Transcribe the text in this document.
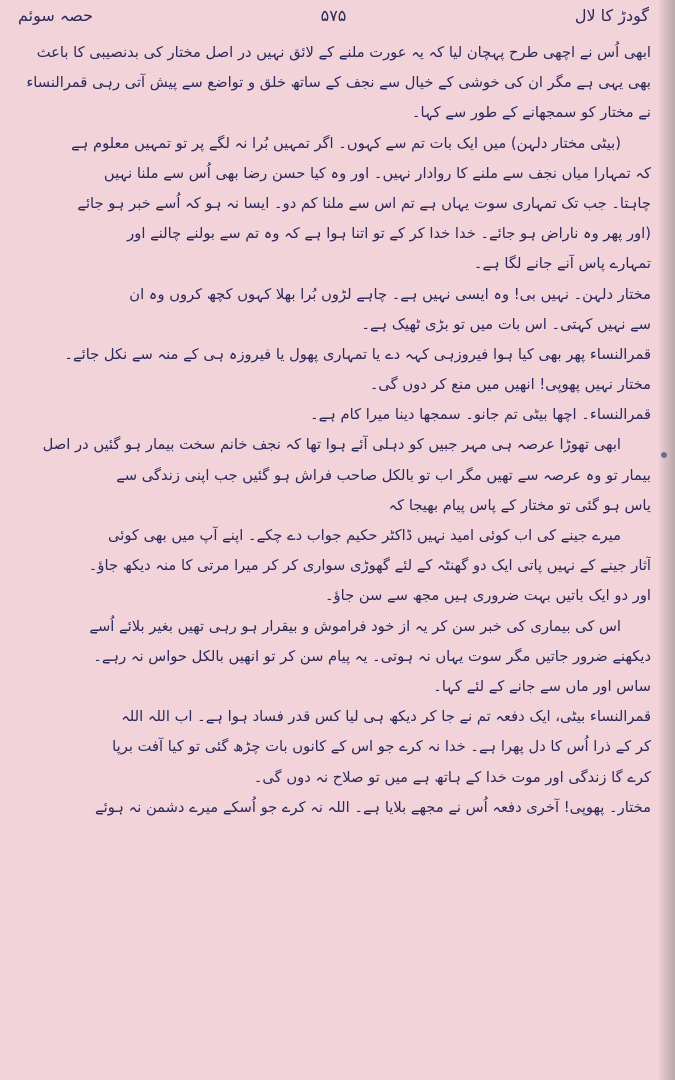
گودڑ کا لال
۵۷۵
حصہ سوئم
ابھی اُس نے اچھی طرح پہچان لیا کہ یہ عورت ملنے کے لائق نہیں در اصل مختار کی بدنصیبی کا باعث
بھی یہی ہے مگر ان کی خوشی کے خیال سے نجف کے ساتھ خلق و تواضع سے پیش آتی رہی قمرالنساء
نے مختار کو سمجھانے کے طور سے کہا۔
(بیٹی مختار دلہن) میں ایک بات تم سے کہوں۔ اگر تمہیں بُرا نہ لگے پر تو تمہیں معلوم ہے
کہ تمہارا میاں نجف سے ملنے کا روادار نہیں۔ اور وہ کیا حسن رضا بھی اُس سے ملنا نہیں
چاہتا۔ جب تک تمہاری سوت یہاں ہے تم اس سے ملنا کم دو۔ ایسا نہ ہو کہ اُسے خبر ہو جائے
(اور پھر وہ ناراض ہو جائے۔ خدا خدا کر کے تو اتنا ہوا ہے کہ وہ تم سے بولنے چالنے اور
تمہارے پاس آنے جانے لگا ہے۔
مختار دلہن۔ نہیں بی! وہ ایسی نہیں ہے۔ چاہے لڑوں بُرا بھلا کہوں کچھ کروں وہ ان
سے نہیں کہتی۔ اس بات میں تو بڑی ٹھیک ہے۔
قمرالنساء پھر بھی کیا ہوا فیروزہی کہہ دے یا تمہاری پھول یا فیروزہ ہی کے منہ سے نکل جائے۔
مختار نہیں پھوپی! انھیں میں منع کر دوں گی۔
قمرالنساء۔ اچھا بیٹی تم جانو۔ سمجھا دینا میرا کام ہے۔
ابھی تھوڑا عرصہ ہی مہر جبیں کو دہلی آئے ہوا تھا کہ نجف خانم سخت بیمار ہو گئیں در اصل
بیمار تو وہ عرصہ سے تھیں مگر اب تو بالکل صاحب فراش ہو گئیں جب اپنی زندگی سے
یاس ہو گئی تو مختار کے پاس پیام بھیجا کہ
میرے جینے کی اب کوئی امید نہیں ڈاکٹر حکیم جواب دے چکے۔ اپنے آپ میں بھی کوئی
آثار جینے کے نہیں پاتی ایک دو گھنٹہ کے لئے گھوڑی سواری کر کر میرا مرتی کا منہ دیکھ جاؤ۔
اور دو ایک باتیں بہت ضروری ہیں مجھ سے سن جاؤ۔
اس کی بیماری کی خبر سن کر یہ از خود فراموش و بیقرار ہو رہی تھیں بغیر بلائے اُسے
دیکھنے ضرور جاتیں مگر سوت یہاں نہ ہوتی۔ یہ پیام سن کر تو انھیں بالکل حواس نہ رہے۔
ساس اور ماں سے جانے کے لئے کہا۔
قمرالنساء بیٹی، ایک دفعہ تم نے جا کر دیکھ ہی لیا کس قدر فساد ہوا ہے۔ اب اللہ اللہ
کر کے ذرا اُس کا دل پھرا ہے۔ خدا نہ کرے جو اس کے کانوں بات چڑھ گئی تو کیا آفت برپا
کرے گا زندگی اور موت خدا کے ہاتھ ہے میں تو صلاح نہ دوں گی۔
مختار۔ پھوپی! آخری دفعہ اُس نے مجھے بلایا ہے۔ اللہ نہ کرے جو اُسکے میرے دشمن نہ ہوئے
